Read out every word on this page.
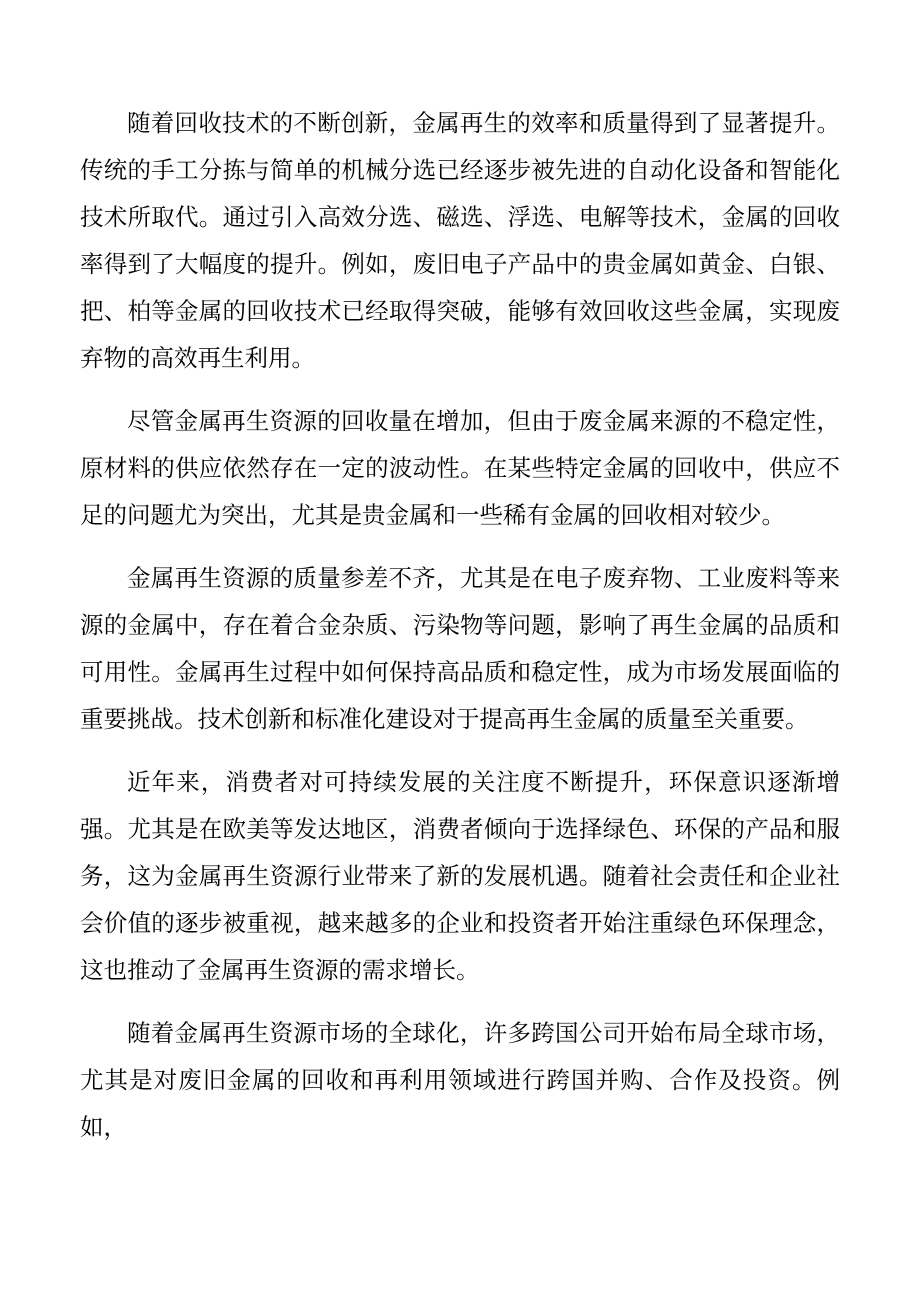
随着回收技术的不断创新，金属再生的效率和质量得到了显著提升。传统的手工分拣与简单的机械分选已经逐步被先进的自动化设备和智能化技术所取代。通过引入高效分选、磁选、浮选、电解等技术，金属的回收率得到了大幅度的提升。例如，废旧电子产品中的贵金属如黄金、白银、把、柏等金属的回收技术已经取得突破，能够有效回收这些金属，实现废弃物的高效再生利用。

尽管金属再生资源的回收量在增加，但由于废金属来源的不稳定性，原材料的供应依然存在一定的波动性。在某些特定金属的回收中，供应不足的问题尤为突出，尤其是贵金属和一些稀有金属的回收相对较少。

金属再生资源的质量参差不齐，尤其是在电子废弃物、工业废料等来源的金属中，存在着合金杂质、污染物等问题，影响了再生金属的品质和可用性。金属再生过程中如何保持高品质和稳定性，成为市场发展面临的重要挑战。技术创新和标准化建设对于提高再生金属的质量至关重要。

近年来，消费者对可持续发展的关注度不断提升，环保意识逐渐增强。尤其是在欧美等发达地区，消费者倾向于选择绿色、环保的产品和服务，这为金属再生资源行业带来了新的发展机遇。随着社会责任和企业社会价值的逐步被重视，越来越多的企业和投资者开始注重绿色环保理念，这也推动了金属再生资源的需求增长。

随着金属再生资源市场的全球化，许多跨国公司开始布局全球市场，尤其是对废旧金属的回收和再利用领域进行跨国并购、合作及投资。例如，
